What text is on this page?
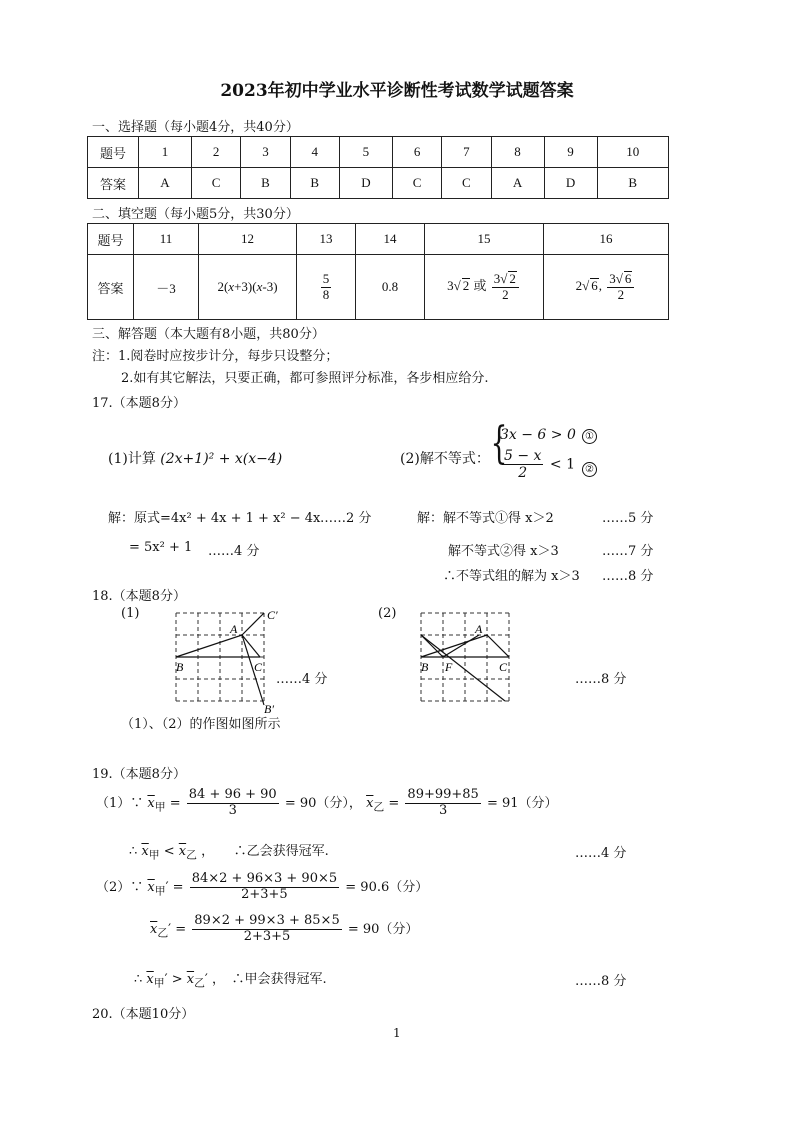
2023年初中学业水平诊断性考试数学试题答案
一、选择题（每小题4分，共40分）
题号	1	2	3	4	5	6	7	8	9	10
答案	A	C	B	B	D	C	C	A	D	B
二、填空题（每小题5分，共30分）
题号	11	12	13	14	15	16
答案	－3	2(x+3)(x-3)	$\frac{5}{8}$	0.8	3√ 2 或 $\frac{3√ 2}{2}$	2√ 6, $\frac{3√ 6}{2}$
三、解答题（本大题有8小题，共80分）
注：1.阅卷时应按步计分，每步只设整分；
2.如有其它解法，只要正确，都可参照评分标准，各步相应给分.
17.（本题8分）
(1)计算 (2x+1)² + x(x−4)	(2)解不等式： {
3x − 6 > 0 ①
$\frac{5 - x}{2} < 1$	②
解：原式=4x² + 4x + 1 + x² − 4x ……2 分
= 5x² + 1 ……4 分
解：解不等式①得 x＞2	……5 分
解不等式②得 x＞3	……7 分
∴不等式组的解为 x＞3 ……8 分
18.（本题8分）
(1)	(2)
A
C′
B	C
B′
……4 分
A
B F	C
……8 分
（1）、（2）的作图如图所示
19.（本题8分）
（1）∵ $\overline{x}_甲 = \frac{84 + 96 + 90}{3} = 90$（分）， $\overline{x}_乙 = \frac{89+99+85}{3} = 91$（分）
∴ $\overline{x}_甲 < \overline{x}_乙$ ，　　∴乙会获得冠军.	……4 分
（2）∵ $\overline{x}_甲' = \frac{84\times 2 + 96\times 3 + 90\times 5}{2+3+5} = 90.6$（分）
$\overline{x}_乙' = \frac{89\times 2 + 99\times 3 + 85\times 5}{2+3+5} = 90$（分）
∴ $\overline{x}_甲' > \overline{x}_乙'$ ，　∴甲会获得冠军.	……8 分
20.（本题10分）
1
